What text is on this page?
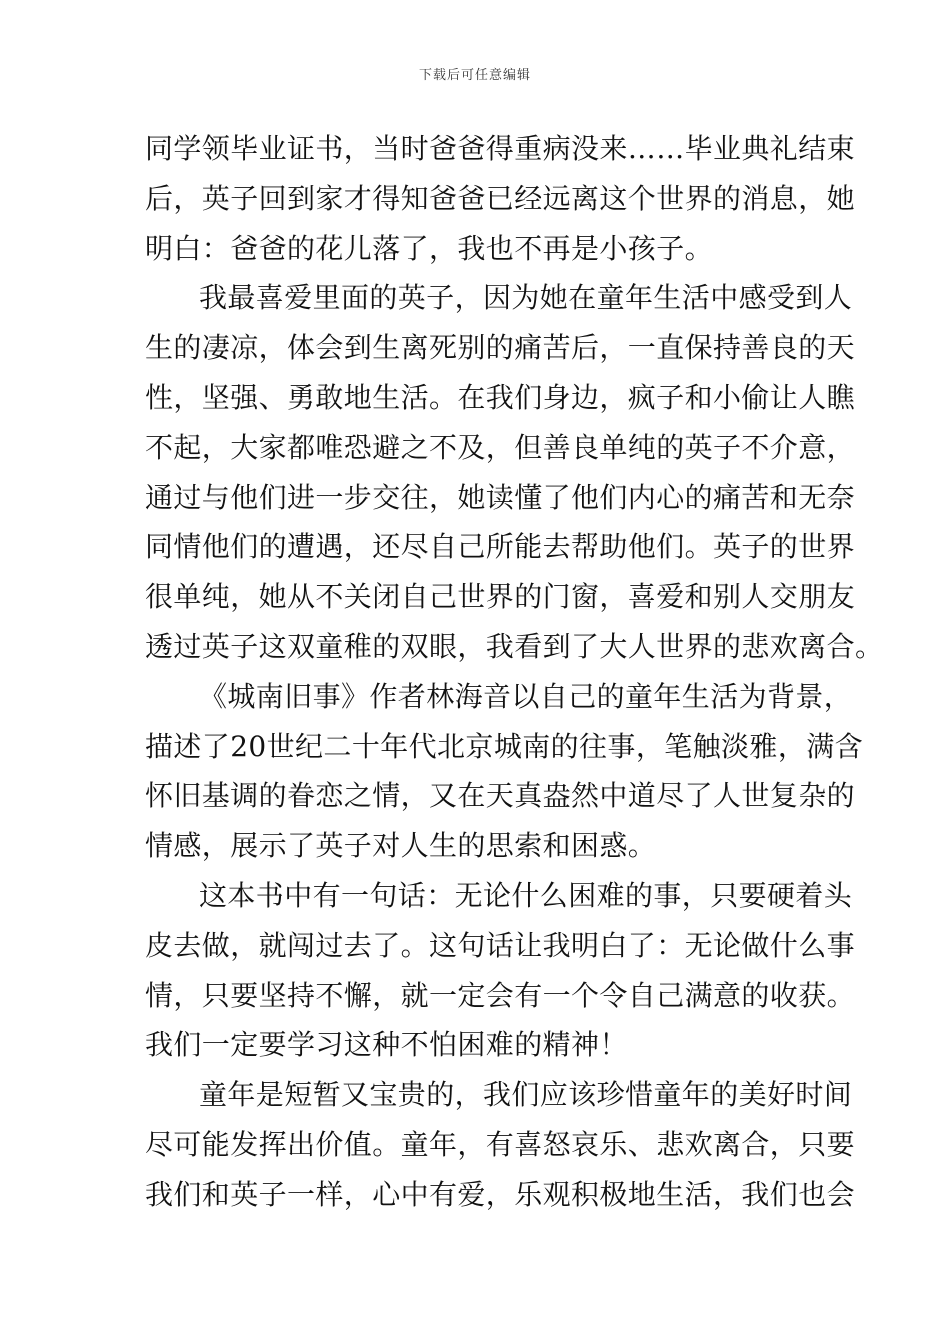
下载后可任意编辑
同学领毕业证书，当时爸爸得重病没来……毕业典礼结束
后，英子回到家才得知爸爸已经远离这个世界的消息，她
明白：爸爸的花儿落了，我也不再是小孩子。
我最喜爱里面的英子，因为她在童年生活中感受到人
生的凄凉，体会到生离死别的痛苦后，一直保持善良的天
性，坚强、勇敢地生活。在我们身边，疯子和小偷让人瞧
不起，大家都唯恐避之不及，但善良单纯的英子不介意，
通过与他们进一步交往，她读懂了他们内心的痛苦和无奈
同情他们的遭遇，还尽自己所能去帮助他们。英子的世界
很单纯，她从不关闭自己世界的门窗，喜爱和别人交朋友
透过英子这双童稚的双眼，我看到了大人世界的悲欢离合。
《城南旧事》作者林海音以自己的童年生活为背景，
描述了20世纪二十年代北京城南的往事，笔触淡雅，满含
怀旧基调的眷恋之情，又在天真盎然中道尽了人世复杂的
情感，展示了英子对人生的思索和困惑。
这本书中有一句话：无论什么困难的事，只要硬着头
皮去做，就闯过去了。这句话让我明白了：无论做什么事
情，只要坚持不懈，就一定会有一个令自己满意的收获。
我们一定要学习这种不怕困难的精神！
童年是短暂又宝贵的，我们应该珍惜童年的美好时间
尽可能发挥出价值。童年，有喜怒哀乐、悲欢离合，只要
我们和英子一样，心中有爱，乐观积极地生活，我们也会
